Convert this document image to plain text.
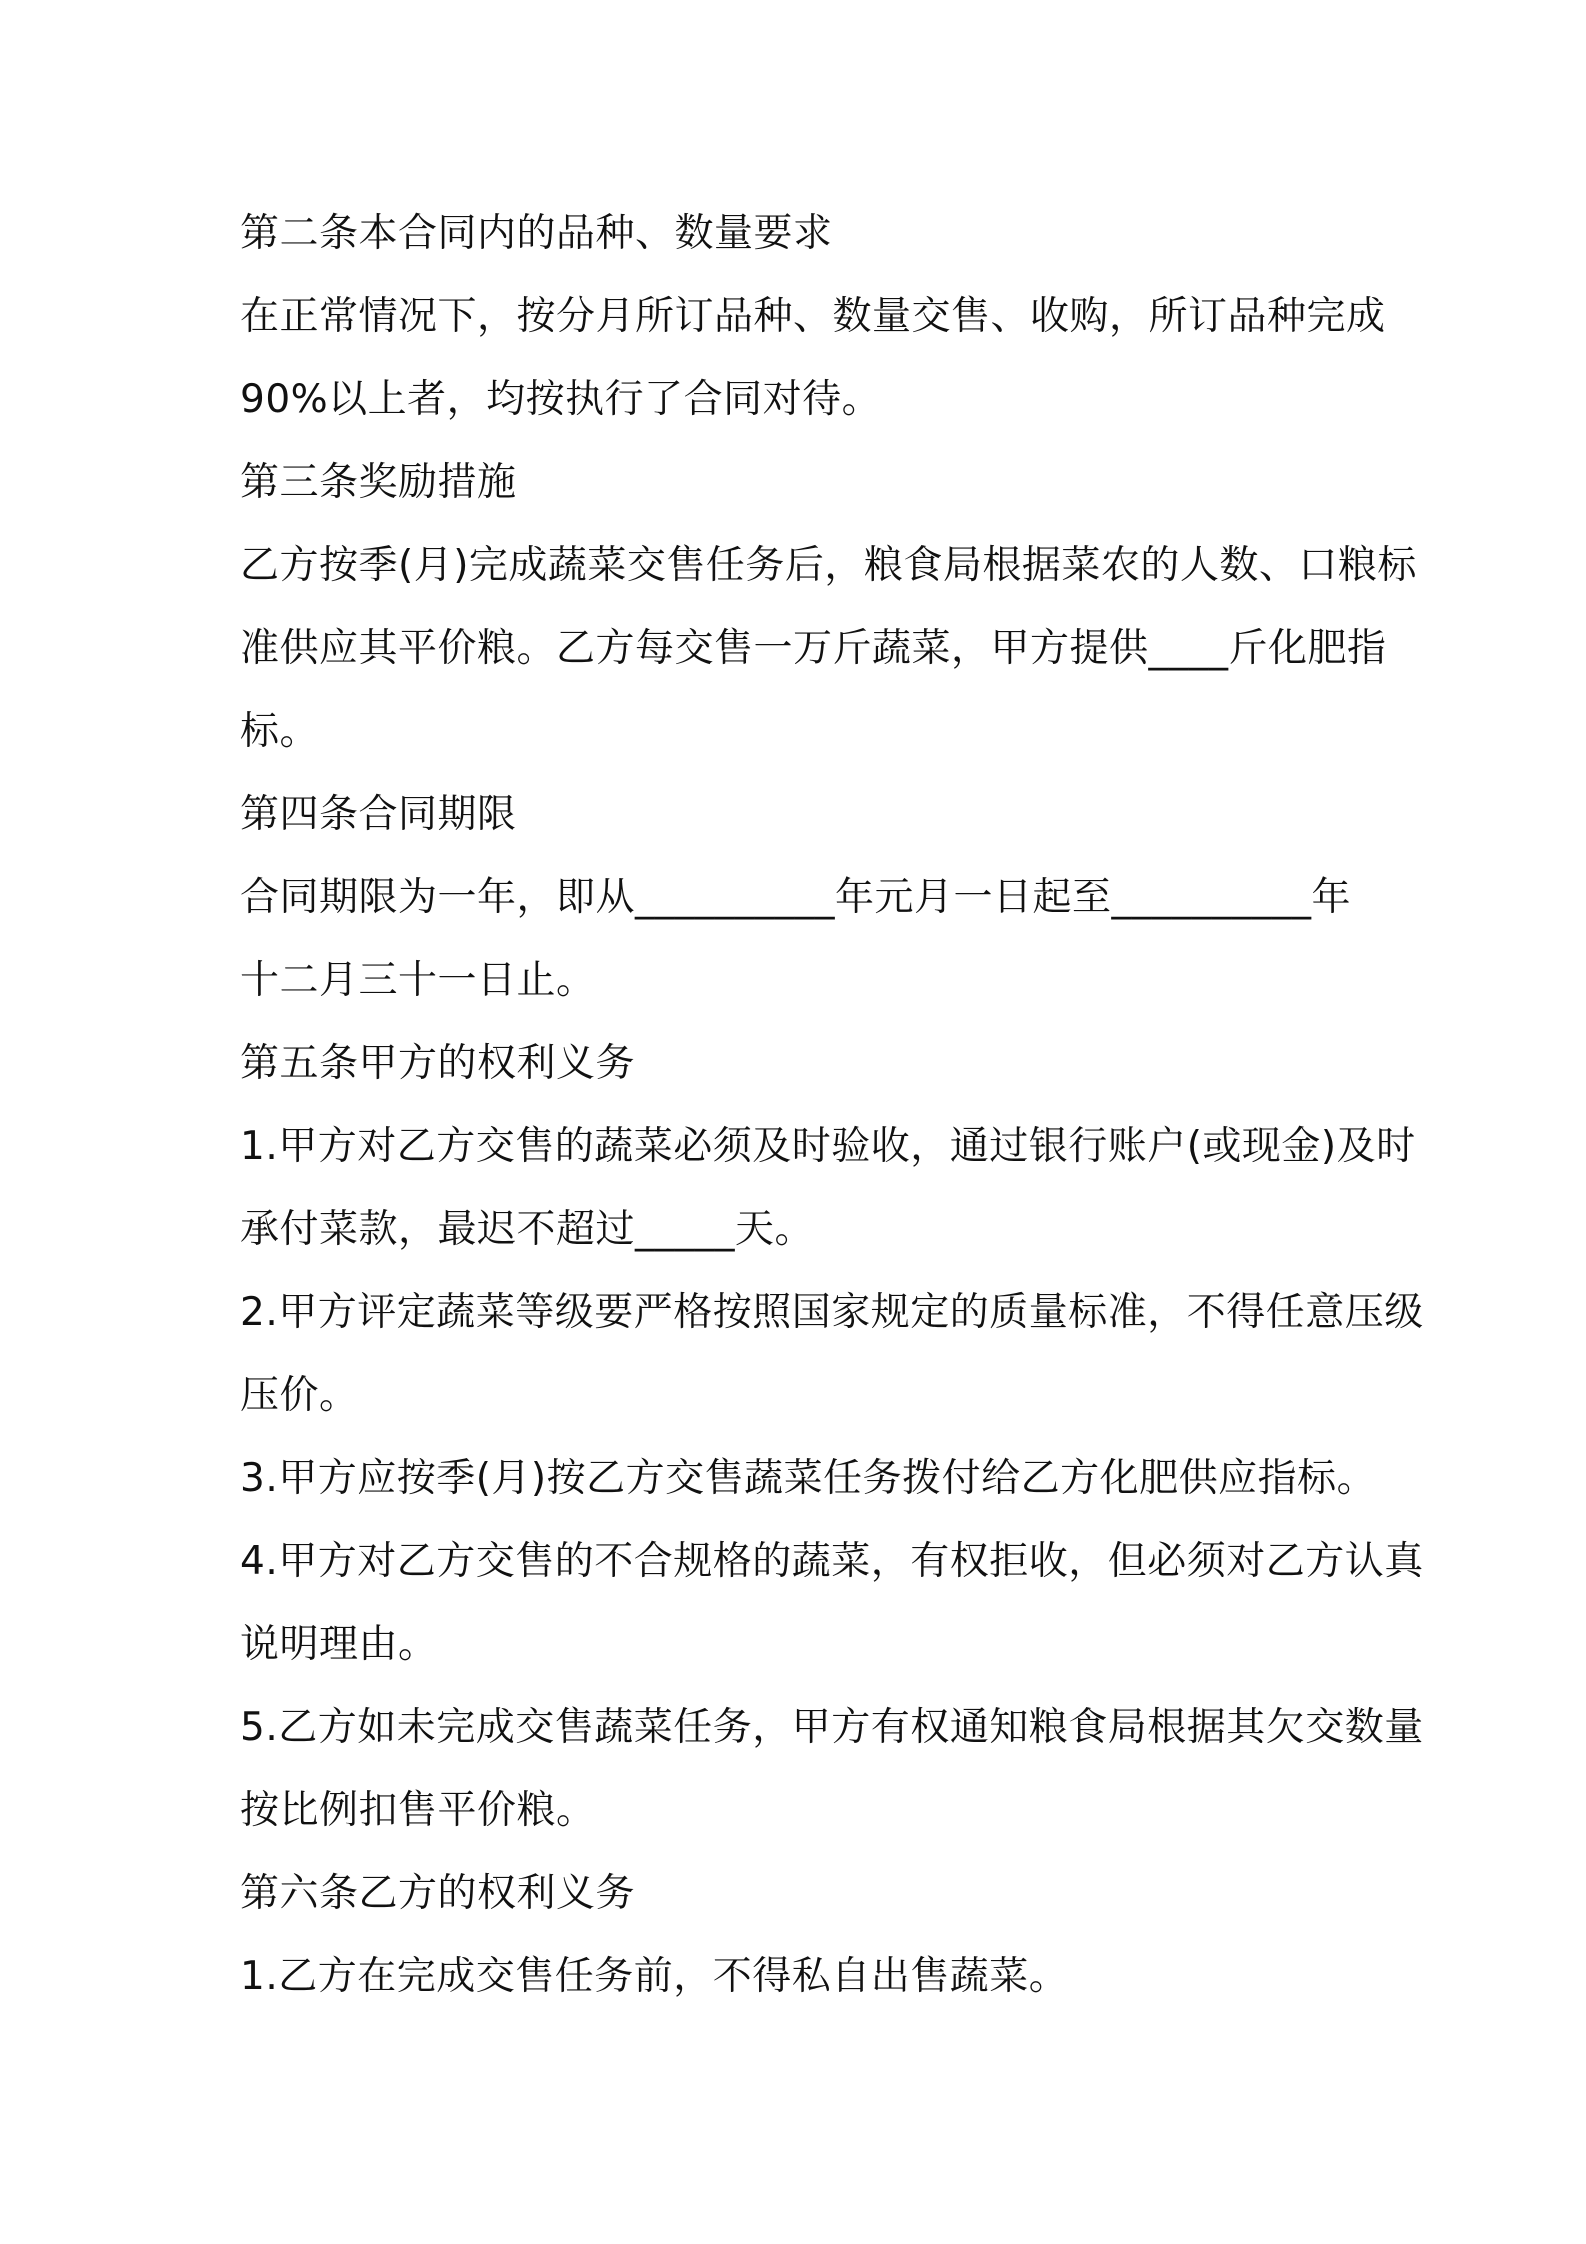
第二条本合同内的品种、数量要求
在正常情况下，按分月所订品种、数量交售、收购，所订品种完成
90%以上者，均按执行了合同对待。
第三条奖励措施
乙方按季(月)完成蔬菜交售任务后，粮食局根据菜农的人数、口粮标
准供应其平价粮。乙方每交售一万斤蔬菜，甲方提供____斤化肥指
标。
第四条合同期限
合同期限为一年，即从__________年元月一日起至__________年
十二月三十一日止。
第五条甲方的权利义务
1.甲方对乙方交售的蔬菜必须及时验收，通过银行账户(或现金)及时
承付菜款，最迟不超过_____天。
2.甲方评定蔬菜等级要严格按照国家规定的质量标准，不得任意压级
压价。
3.甲方应按季(月)按乙方交售蔬菜任务拨付给乙方化肥供应指标。
4.甲方对乙方交售的不合规格的蔬菜，有权拒收，但必须对乙方认真
说明理由。
5.乙方如未完成交售蔬菜任务，甲方有权通知粮食局根据其欠交数量
按比例扣售平价粮。
第六条乙方的权利义务
1.乙方在完成交售任务前，不得私自出售蔬菜。
